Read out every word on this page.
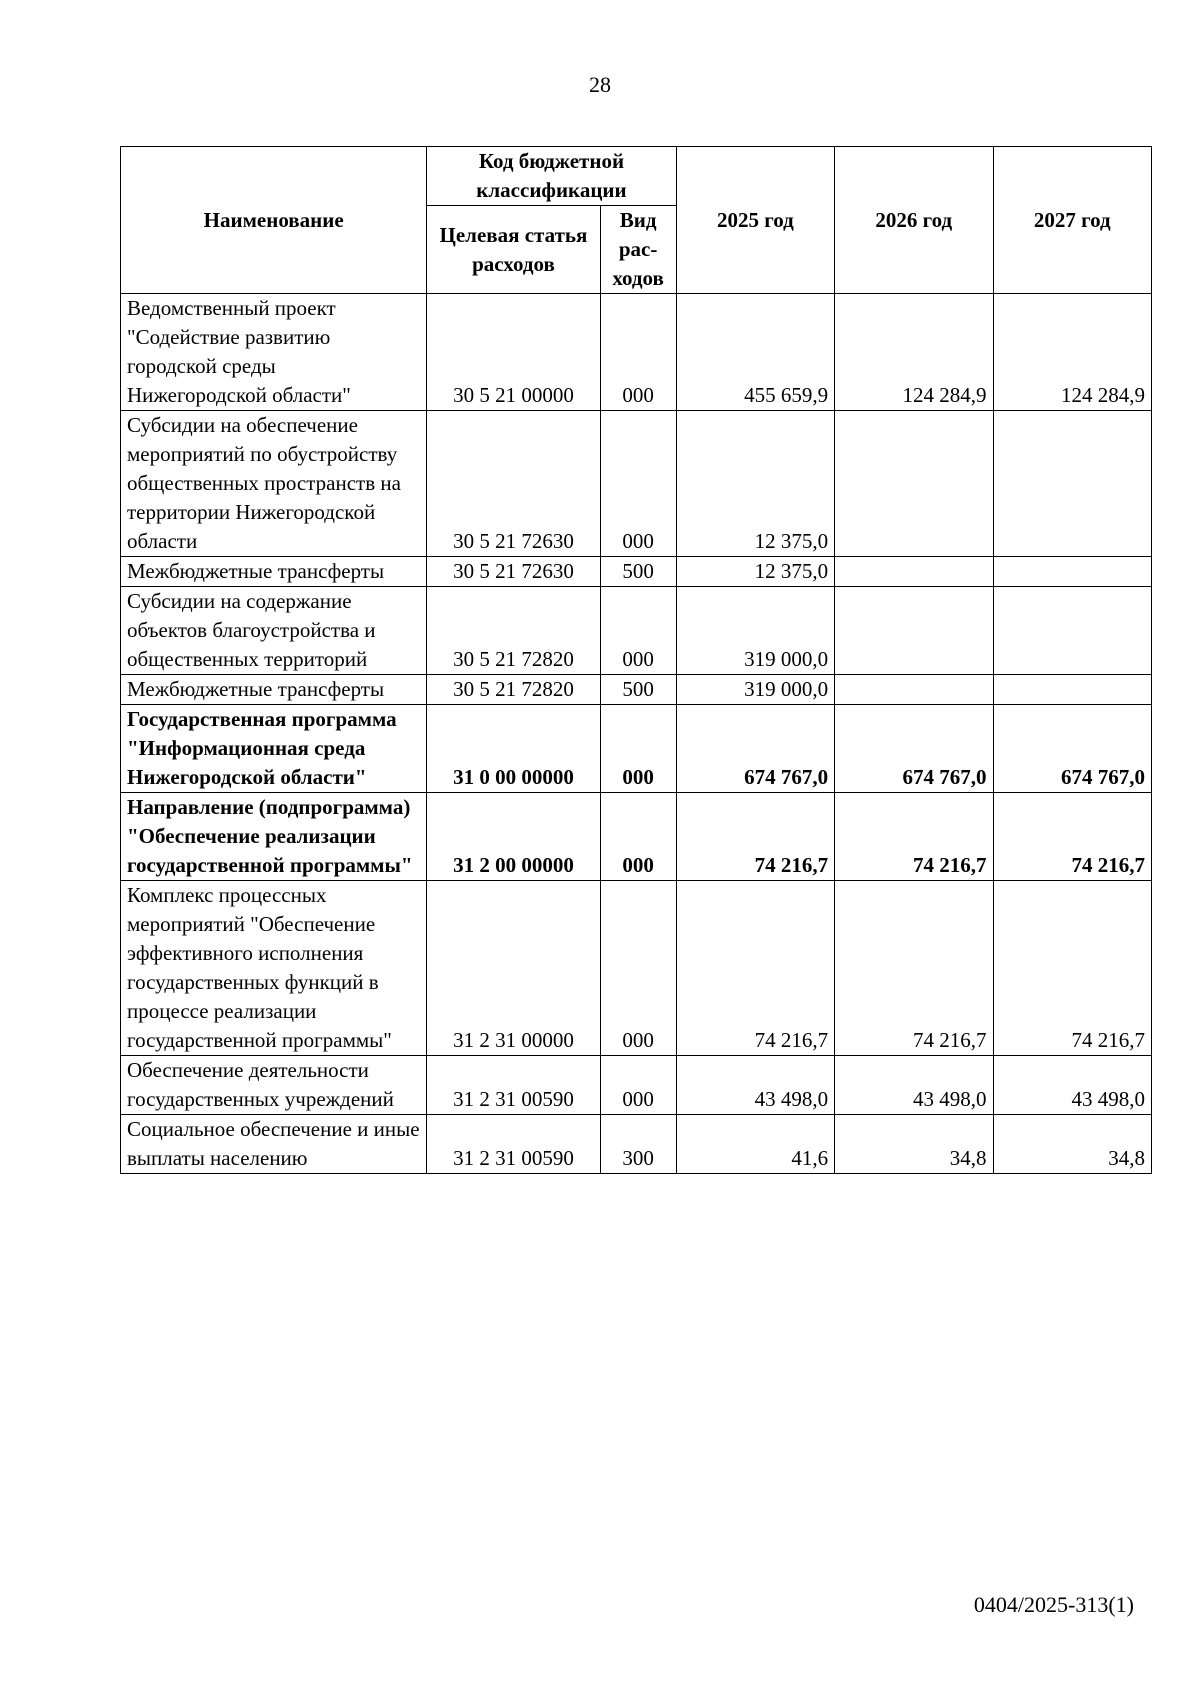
28
Наименование	Код бюджетной классификации		2025 год	2026 год	2027 год
	Целевая статья расходов	Вид рас-ходов			
Ведомственный проект "Содействие развитию городской среды Нижегородской области"	30 5 21 00000	000	455 659,9	124 284,9	124 284,9
Субсидии на обеспечение мероприятий по обустройству общественных пространств на территории Нижегородской области	30 5 21 72630	000	12 375,0		
Межбюджетные трансферты	30 5 21 72630	500	12 375,0		
Субсидии на содержание объектов благоустройства и общественных территорий	30 5 21 72820	000	319 000,0		
Межбюджетные трансферты	30 5 21 72820	500	319 000,0		
Государственная программа "Информационная среда Нижегородской области"	31 0 00 00000	000	674 767,0	674 767,0	674 767,0
Направление (подпрограмма) "Обеспечение реализации государственной программы"	31 2 00 00000	000	74 216,7	74 216,7	74 216,7
Комплекс процессных мероприятий "Обеспечение эффективного исполнения государственных функций в процессе реализации государственной программы"	31 2 31 00000	000	74 216,7	74 216,7	74 216,7
Обеспечение деятельности государственных учреждений	31 2 31 00590	000	43 498,0	43 498,0	43 498,0
Социальное обеспечение и иные выплаты населению	31 2 31 00590	300	41,6	34,8	34,8
0404/2025-313(1)
